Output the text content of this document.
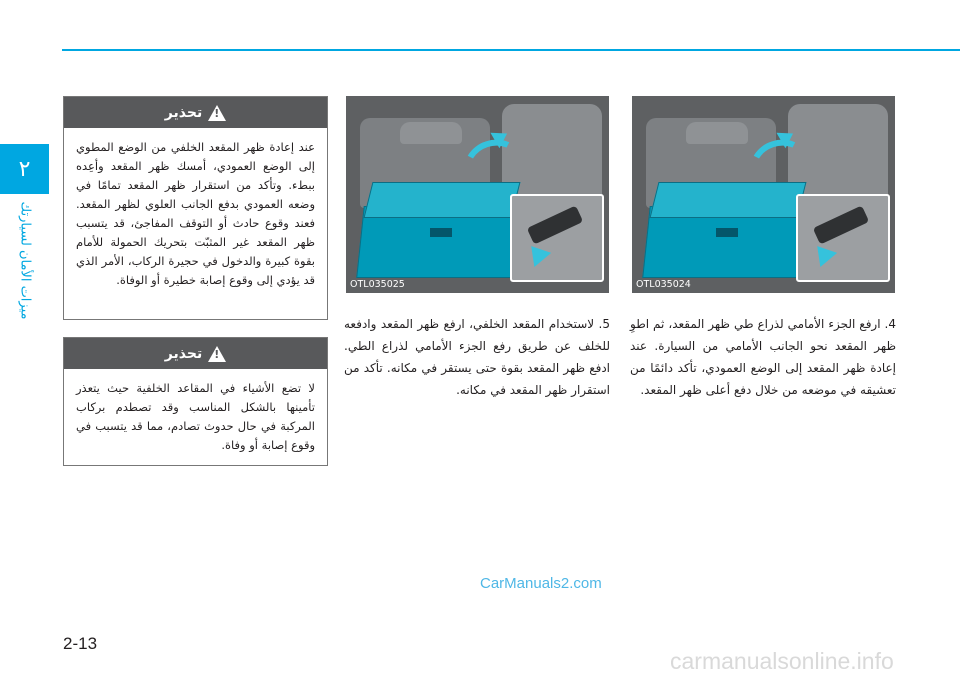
٢
ميزات الأمان لسيارتك
تحذير
!
عند إعادة ظهر المقعد الخلفي من الوضع المطوي إلى الوضع العمودي، أمسك ظهر المقعد وأعِده ببطء. وتأكد من استقرار ظهر المقعد تمامًا في وضعه العمودي بدفع الجانب العلوي لظهر المقعد. فعند وقوع حادث أو التوقف المفاجئ، قد يتسبب ظهر المقعد غير المثبّت بتحريك الحمولة للأمام بقوة كبيرة والدخول في حجيرة الركاب، الأمر الذي قد يؤدي إلى وقوع إصابة خطيرة أو الوفاة.
تحذير
!
لا تضع الأشياء في المقاعد الخلفية حيث يتعذر تأمينها بالشكل المناسب وقد تصطدم بركاب المركبة في حال حدوث تصادم، مما قد يتسبب في وقوع إصابة أو وفاة.
OTL035025	OTL035024
5. لاستخدام المقعد الخلفي، ارفع ظهر المقعد وادفعه للخلف عن طريق رفع الجزء الأمامي لذراع الطي. ادفع ظهر المقعد بقوة حتى يستقر في مكانه. تأكد من استقرار ظهر المقعد في مكانه.
4. ارفع الجزء الأمامي لذراع طي ظهر المقعد، ثم اطوِ ظهر المقعد نحو الجانب الأمامي من السيارة. عند إعادة ظهر المقعد إلى الوضع العمودي، تأكد دائمًا من تعشيقه في موضعه من خلال دفع أعلى ظهر المقعد.
CarManuals2.com
2-13
carmanualsonline.info
